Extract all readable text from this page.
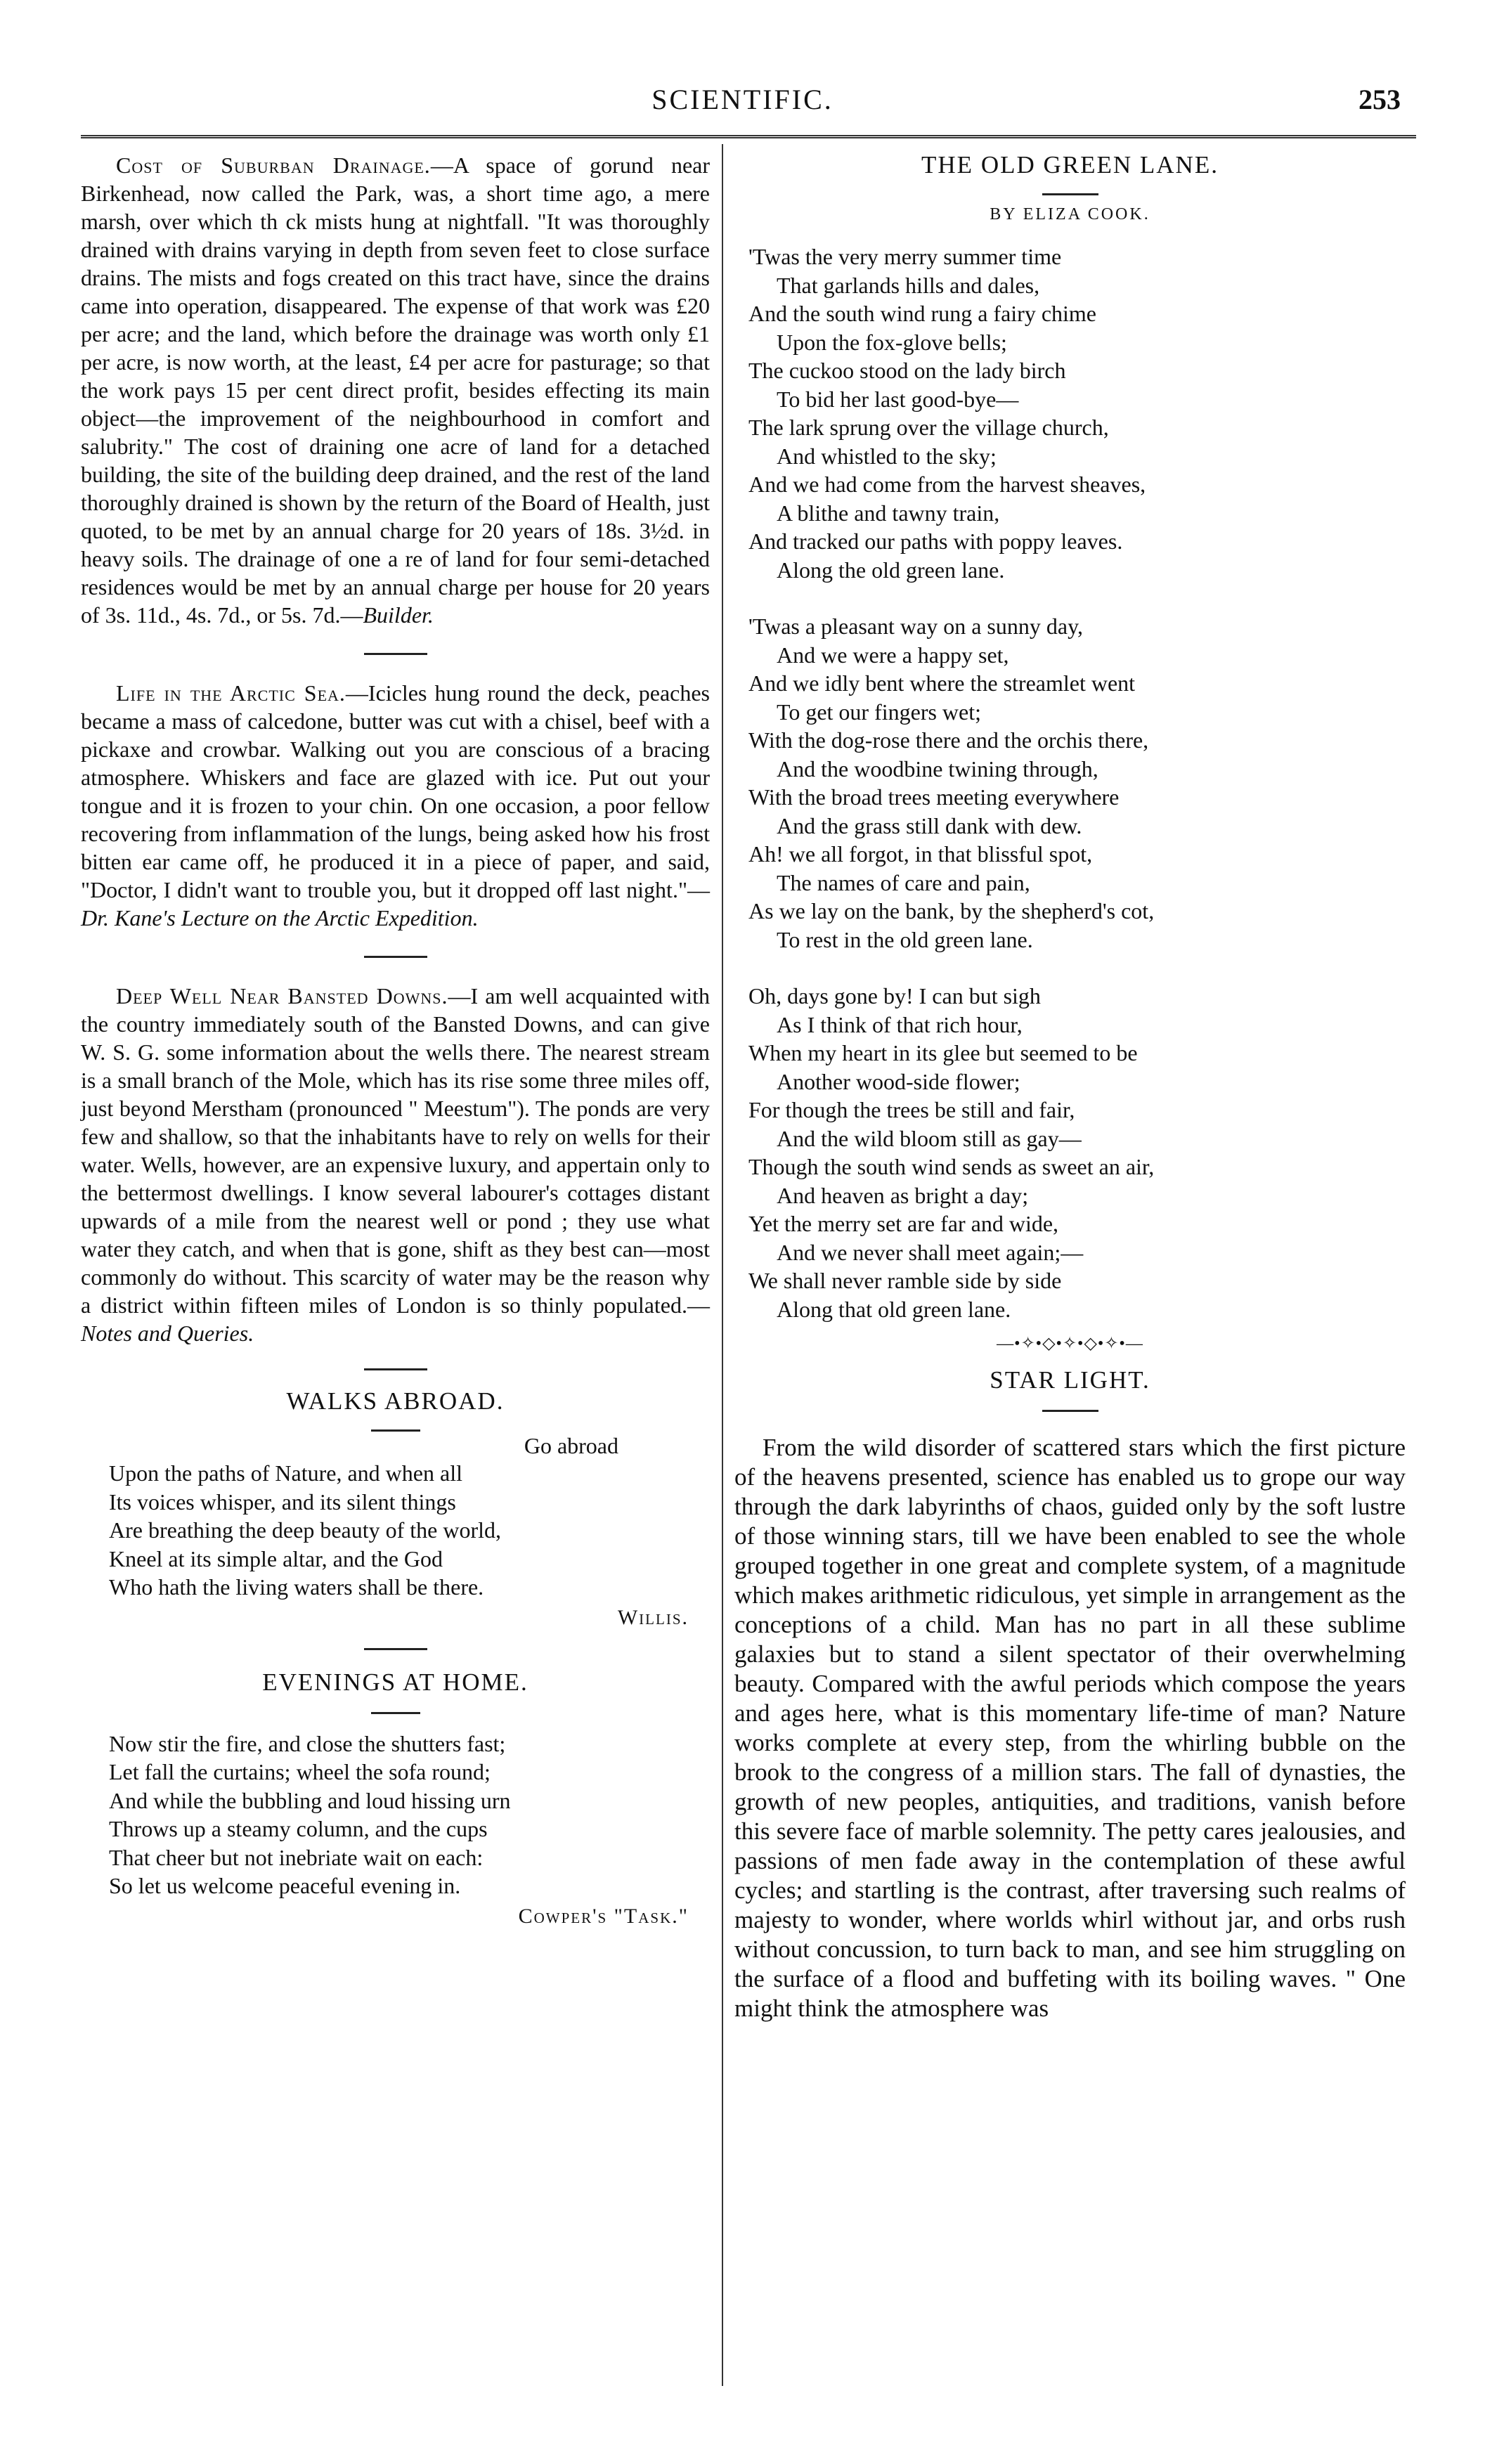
SCIENTIFIC.	253

Cost of Suburban Drainage.—A space of gorund near Birkenhead, now called the Park, was, a short time ago, a mere marsh, over which th ck mists hung at nightfall. "It was thoroughly drained with drains varying in depth from seven feet to close surface drains. The mists and fogs created on this tract have, since the drains came into operation, disappeared. The expense of that work was £20 per acre; and the land, which before the drainage was worth only £1 per acre, is now worth, at the least, £4 per acre for pasturage; so that the work pays 15 per cent direct profit, besides effecting its main object—the improvement of the neighbourhood in comfort and salubrity." The cost of draining one acre of land for a detached building, the site of the building deep drained, and the rest of the land thoroughly drained is shown by the return of the Board of Health, just quoted, to be met by an annual charge for 20 years of 18s. 3½d. in heavy soils. The drainage of one a re of land for four semi-detached residences would be met by an annual charge per house for 20 years of 3s. 11d., 4s. 7d., or 5s. 7d.—Builder.

Life in the Arctic Sea.—Icicles hung round the deck, peaches became a mass of calcedone, butter was cut with a chisel, beef with a pickaxe and crowbar. Walking out you are conscious of a bracing atmosphere. Whiskers and face are glazed with ice. Put out your tongue and it is frozen to your chin. On one occasion, a poor fellow recovering from inflammation of the lungs, being asked how his frost bitten ear came off, he produced it in a piece of paper, and said, "Doctor, I didn't want to trouble you, but it dropped off last night."—Dr. Kane's Lecture on the Arctic Expedition.

Deep Well Near Bansted Downs.—I am well acquainted with the country immediately south of the Bansted Downs, and can give W. S. G. some information about the wells there. The nearest stream is a small branch of the Mole, which has its rise some three miles off, just beyond Merstham (pronounced " Meestum"). The ponds are very few and shallow, so that the inhabitants have to rely on wells for their water. Wells, however, are an expensive luxury, and appertain only to the bettermost dwellings. I know several labourer's cottages distant upwards of a mile from the nearest well or pond ; they use what water they catch, and when that is gone, shift as they best can—most commonly do without. This scarcity of water may be the reason why a district within fifteen miles of London is so thinly populated.—Notes and Queries.

WALKS ABROAD.
Go abroad
Upon the paths of Nature, and when all
Its voices whisper, and its silent things
Are breathing the deep beauty of the world,
Kneel at its simple altar, and the God
Who hath the living waters shall be there.
Willis.
EVENINGS AT HOME.
Now stir the fire, and close the shutters fast;
Let fall the curtains; wheel the sofa round;
And while the bubbling and loud hissing urn
Throws up a steamy column, and the cups
That cheer but not inebriate wait on each:
So let us welcome peaceful evening in.
Cowper's "Task."
THE OLD GREEN LANE.
BY ELIZA COOK.
'Twas the very merry summer time
That garlands hills and dales,
And the south wind rung a fairy chime
Upon the fox-glove bells;
The cuckoo stood on the lady birch
To bid her last good-bye—
The lark sprung over the village church,
And whistled to the sky;
And we had come from the harvest sheaves,
A blithe and tawny train,
And tracked our paths with poppy leaves.
Along the old green lane.
'Twas a pleasant way on a sunny day,
And we were a happy set,
And we idly bent where the streamlet went
To get our fingers wet;
With the dog-rose there and the orchis there,
And the woodbine twining through,
With the broad trees meeting everywhere
And the grass still dank with dew.
Ah! we all forgot, in that blissful spot,
The names of care and pain,
As we lay on the bank, by the shepherd's cot,
To rest in the old green lane.
Oh, days gone by! I can but sigh
As I think of that rich hour,
When my heart in its glee but seemed to be
Another wood-side flower;
For though the trees be still and fair,
And the wild bloom still as gay—
Though the south wind sends as sweet an air,
And heaven as bright a day;
Yet the merry set are far and wide,
And we never shall meet again;—
We shall never ramble side by side
Along that old green lane.
—•✧•◇•✧•◇•✧•—
STAR LIGHT.

From the wild disorder of scattered stars which the first picture of the heavens presented, science has enabled us to grope our way through the dark labyrinths of chaos, guided only by the soft lustre of those winning stars, till we have been enabled to see the whole grouped together in one great and complete system, of a magnitude which makes arithmetic ridiculous, yet simple in arrangement as the conceptions of a child. Man has no part in all these sublime galaxies but to stand a silent spectator of their overwhelming beauty. Compared with the awful periods which compose the years and ages here, what is this momentary life-time of man? Nature works complete at every step, from the whirling bubble on the brook to the congress of a million stars. The fall of dynasties, the growth of new peoples, antiquities, and traditions, vanish before this severe face of marble solemnity. The petty cares jealousies, and passions of men fade away in the contemplation of these awful cycles; and startling is the contrast, after traversing such realms of majesty to wonder, where worlds whirl without jar, and orbs rush without concussion, to turn back to man, and see him struggling on the surface of a flood and buffeting with its boiling waves. " One might think the atmosphere was
